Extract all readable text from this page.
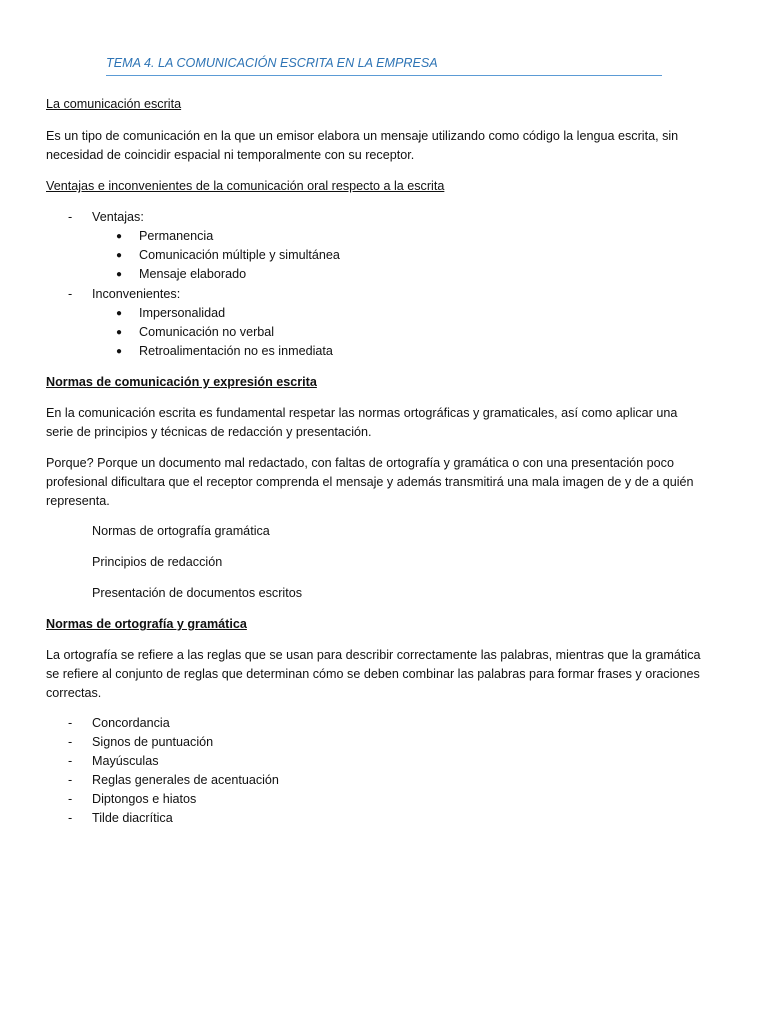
TEMA 4. LA COMUNICACIÓN ESCRITA EN LA EMPRESA
La comunicación escrita
Es un tipo de comunicación en la que un emisor elabora un mensaje utilizando como código la lengua escrita, sin
necesidad de coincidir espacial ni temporalmente con su receptor.
Ventajas e inconvenientes de la comunicación oral respecto a la escrita
- Ventajas:
● Permanencia
● Comunicación múltiple y simultánea
● Mensaje elaborado
- Inconvenientes:
● Impersonalidad
● Comunicación no verbal
● Retroalimentación no es inmediata
Normas de comunicación y expresión escrita
En la comunicación escrita es fundamental respetar las normas ortográficas y gramaticales, así como aplicar una
serie de principios y técnicas de redacción y presentación.
Porque? Porque un documento mal redactado, con faltas de ortografía y gramática o con una presentación poco
profesional dificultara que el receptor comprenda el mensaje y además transmitirá una mala imagen de y de a quién
representa.
Normas de ortografía gramática
Principios de redacción
Presentación de documentos escritos
Normas de ortografía y gramática
La ortografía se refiere a las reglas que se usan para describir correctamente las palabras, mientras que la gramática
se refiere al conjunto de reglas que determinan cómo se deben combinar las palabras para formar frases y oraciones
correctas.
- Concordancia
- Signos de puntuación
- Mayúsculas
- Reglas generales de acentuación
- Diptongos e hiatos
- Tilde diacrítica
